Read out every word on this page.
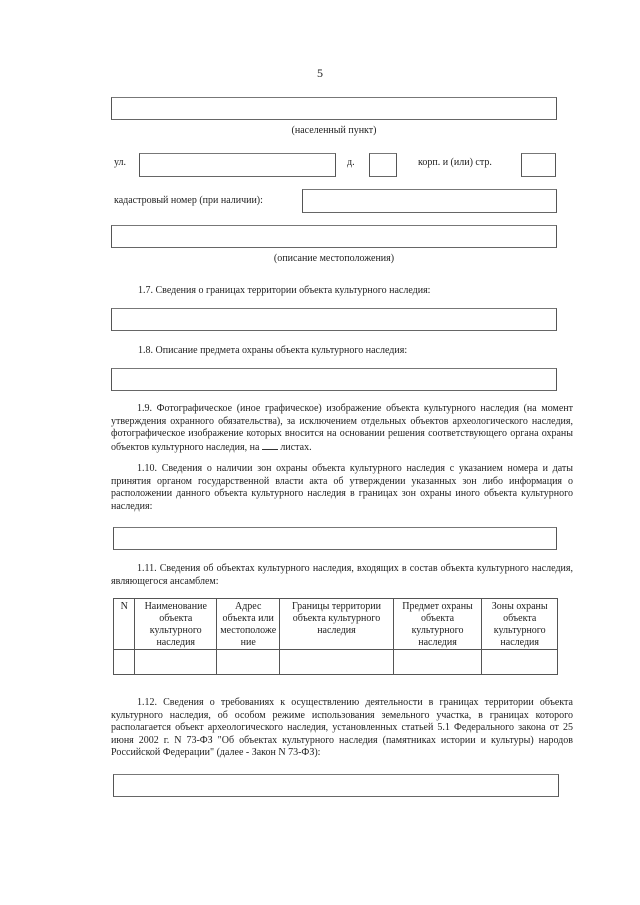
5
(населенный пункт)
ул.	д.	корп. и (или) стр.
кадастровый номер (при наличии):
(описание местоположения)
1.7. Сведения о границах территории объекта культурного наследия:
1.8. Описание предмета охраны объекта культурного наследия:
1.9. Фотографическое (иное графическое) изображение объекта культурного наследия (на момент утверждения охранного обязательства), за исключением отдельных объектов археологического наследия, фотографическое изображение которых вносится на основании решения соответствующего органа охраны объектов культурного наследия, на листах.
1.10. Сведения о наличии зон охраны объекта культурного наследия с указанием номера и даты принятия органом государственной власти акта об утверждении указанных зон либо информация о расположении данного объекта культурного наследия в границах зон охраны иного объекта культурного наследия:
1.11. Сведения об объектах культурного наследия, входящих в состав объекта культурного наследия, являющегося ансамблем:
N	Наименование объекта культурного наследия	Адрес объекта или местоположе ние	Границы территории объекта культурного наследия	Предмет охраны объекта культурного наследия	Зоны охраны объекта культурного наследия

1.12. Сведения о требованиях к осуществлению деятельности в границах территории объекта культурного наследия, об особом режиме использования земельного участка, в границах которого располагается объект археологического наследия, установленных статьей 5.1 Федерального закона от 25 июня 2002 г. N 73-ФЗ "Об объектах культурного наследия (памятниках истории и культуры) народов Российской Федерации" (далее - Закон N 73-ФЗ):
